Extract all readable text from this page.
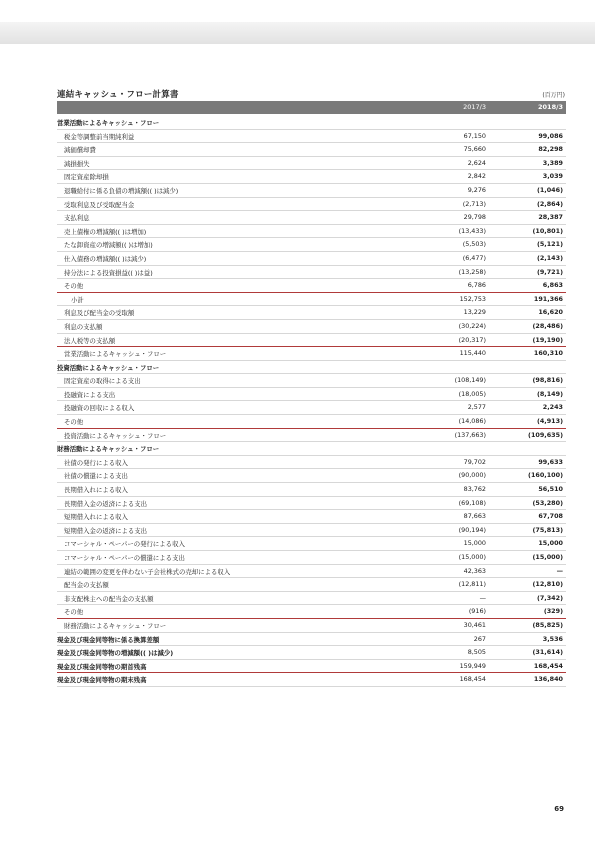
連結キャッシュ・フロー計算書	(百万円)
2017/3	2018/3
営業活動によるキャッシュ・フロー
税金等調整前当期純利益	67,150	99,086
減価償却費	75,660	82,298
減損損失	2,624	3,389
固定資産除却損	2,842	3,039
退職給付に係る負債の増減額(( )は減少)	9,276	(1,046)
受取利息及び受取配当金	(2,713)	(2,864)
支払利息	29,798	28,387
売上債権の増減額(( )は増加)	(13,433)	(10,801)
たな卸資産の増減額(( )は増加)	(5,503)	(5,121)
仕入債務の増減額(( )は減少)	(6,477)	(2,143)
持分法による投資損益(( )は益)	(13,258)	(9,721)
その他	6,786	6,863
小計	152,753	191,366
利息及び配当金の受取額	13,229	16,620
利息の支払額	(30,224)	(28,486)
法人税等の支払額	(20,317)	(19,190)
営業活動によるキャッシュ・フロー	115,440	160,310
投資活動によるキャッシュ・フロー
固定資産の取得による支出	(108,149)	(98,816)
投融資による支出	(18,005)	(8,149)
投融資の回収による収入	2,577	2,243
その他	(14,086)	(4,913)
投資活動によるキャッシュ・フロー	(137,663)	(109,635)
財務活動によるキャッシュ・フロー
社債の発行による収入	79,702	99,633
社債の償還による支出	(90,000)	(160,100)
長期借入れによる収入	83,762	56,510
長期借入金の返済による支出	(69,108)	(53,280)
短期借入れによる収入	87,663	67,708
短期借入金の返済による支出	(90,194)	(75,813)
コマーシャル・ペーパーの発行による収入	15,000	15,000
コマーシャル・ペーパーの償還による支出	(15,000)	(15,000)
連結の範囲の変更を伴わない子会社株式の売却による収入	42,363	—
配当金の支払額	(12,811)	(12,810)
非支配株主への配当金の支払額	—	(7,342)
その他	(916)	(329)
財務活動によるキャッシュ・フロー	30,461	(85,825)
現金及び現金同等物に係る換算差額	267	3,536
現金及び現金同等物の増減額(( )は減少)	8,505	(31,614)
現金及び現金同等物の期首残高	159,949	168,454
現金及び現金同等物の期末残高	168,454	136,840
69
